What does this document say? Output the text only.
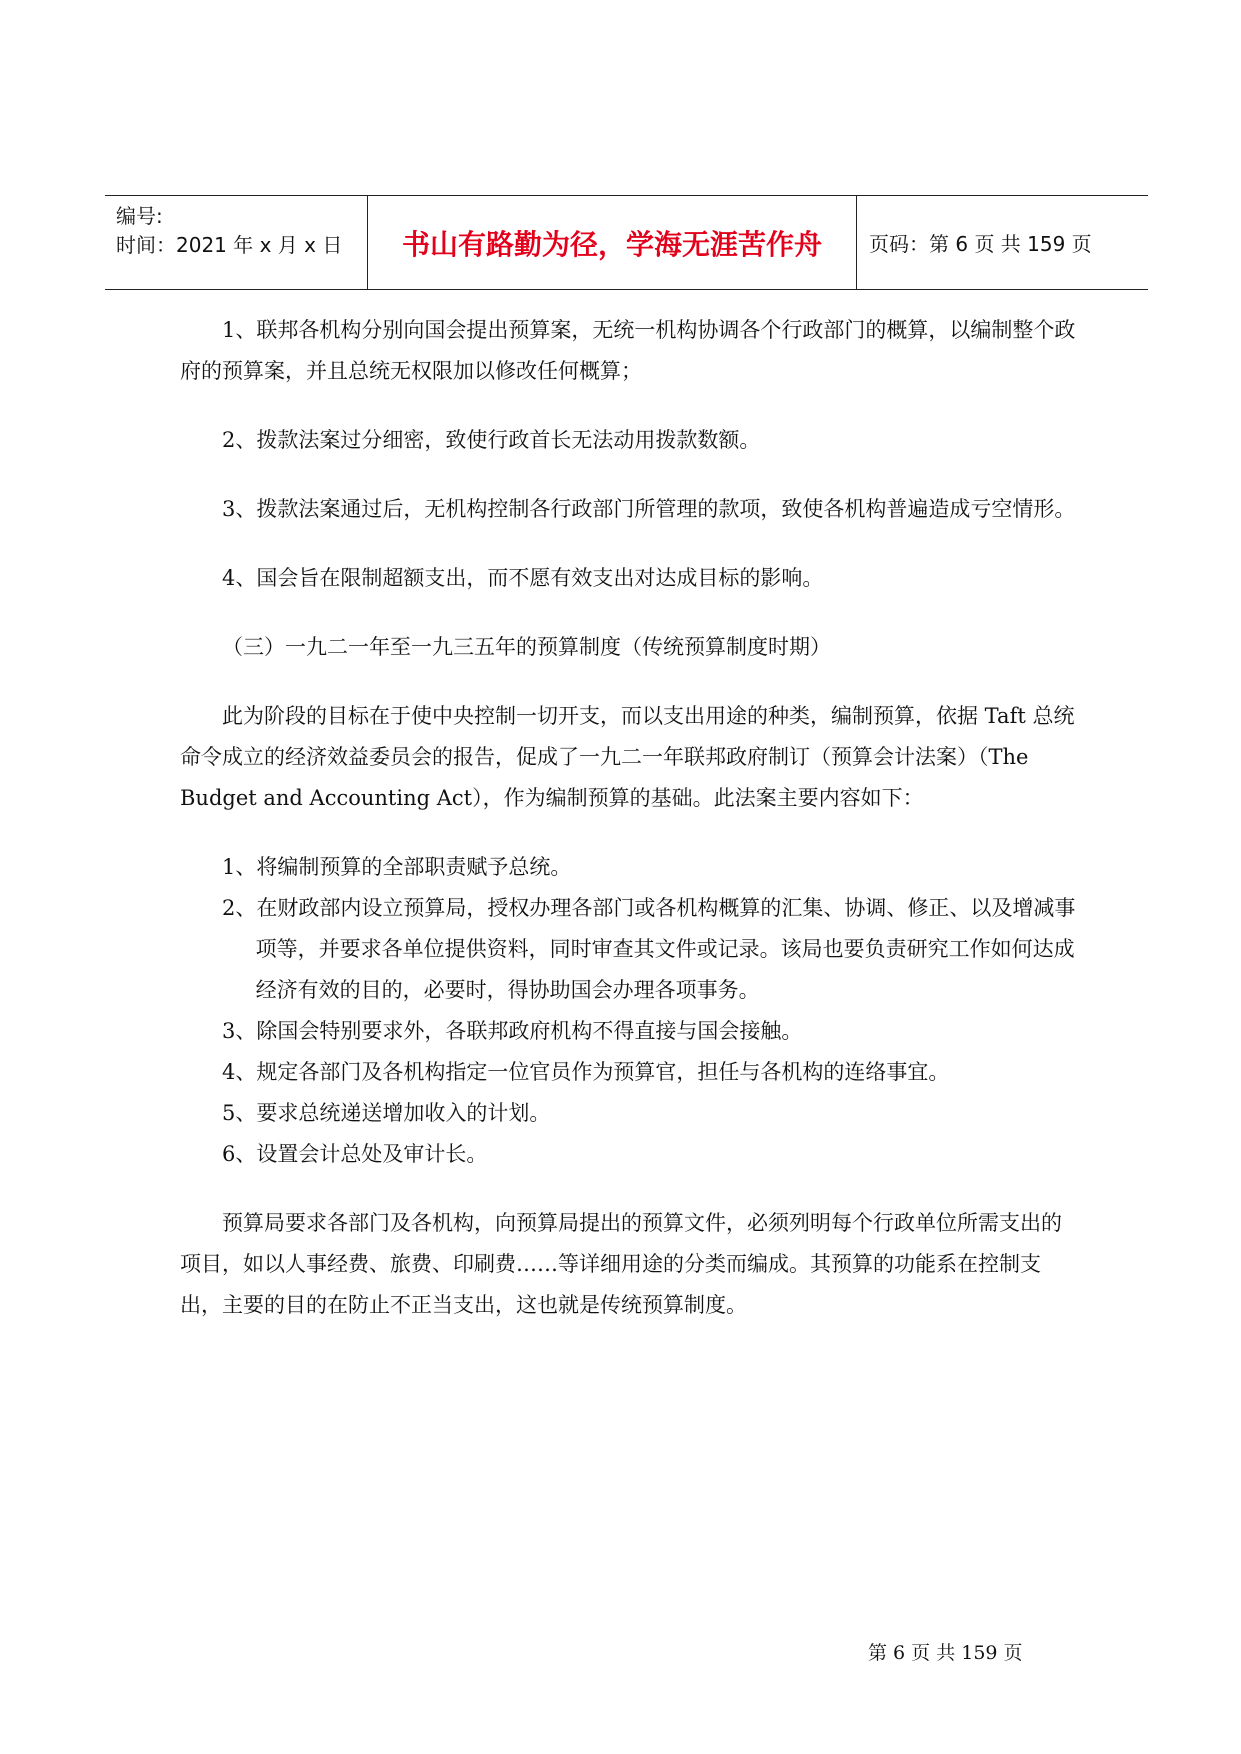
编号:
时间：2021 年 x 月 x 日	书山有路勤为径，学海无涯苦作舟	页码：第 6 页 共 159 页

1、联邦各机构分别向国会提出预算案，无统一机构协调各个行政部门的概算，以编制整个政府的预算案，并且总统无权限加以修改任何概算；

2、拨款法案过分细密，致使行政首长无法动用拨款数额。

3、拨款法案通过后，无机构控制各行政部门所管理的款项，致使各机构普遍造成亏空情形。

4、国会旨在限制超额支出，而不愿有效支出对达成目标的影响。

（三）一九二一年至一九三五年的预算制度（传统预算制度时期）

此为阶段的目标在于使中央控制一切开支，而以支出用途的种类，编制预算，依据 Taft 总统命令成立的经济效益委员会的报告，促成了一九二一年联邦政府制订（预算会计法案）（The Budget and Accounting Act），作为编制预算的基础。此法案主要内容如下：

1、将编制预算的全部职责赋予总统。
2、在财政部内设立预算局，授权办理各部门或各机构概算的汇集、协调、修正、以及增减事项等，并要求各单位提供资料，同时审查其文件或记录。该局也要负责研究工作如何达成经济有效的目的，必要时，得协助国会办理各项事务。
3、除国会特别要求外，各联邦政府机构不得直接与国会接触。
4、规定各部门及各机构指定一位官员作为预算官，担任与各机构的连络事宜。
5、要求总统递送增加收入的计划。
6、设置会计总处及审计长。

预算局要求各部门及各机构，向预算局提出的预算文件，必须列明每个行政单位所需支出的项目，如以人事经费、旅费、印刷费……等详细用途的分类而编成。其预算的功能系在控制支出，主要的目的在防止不正当支出，这也就是传统预算制度。

第 6 页 共 159 页
